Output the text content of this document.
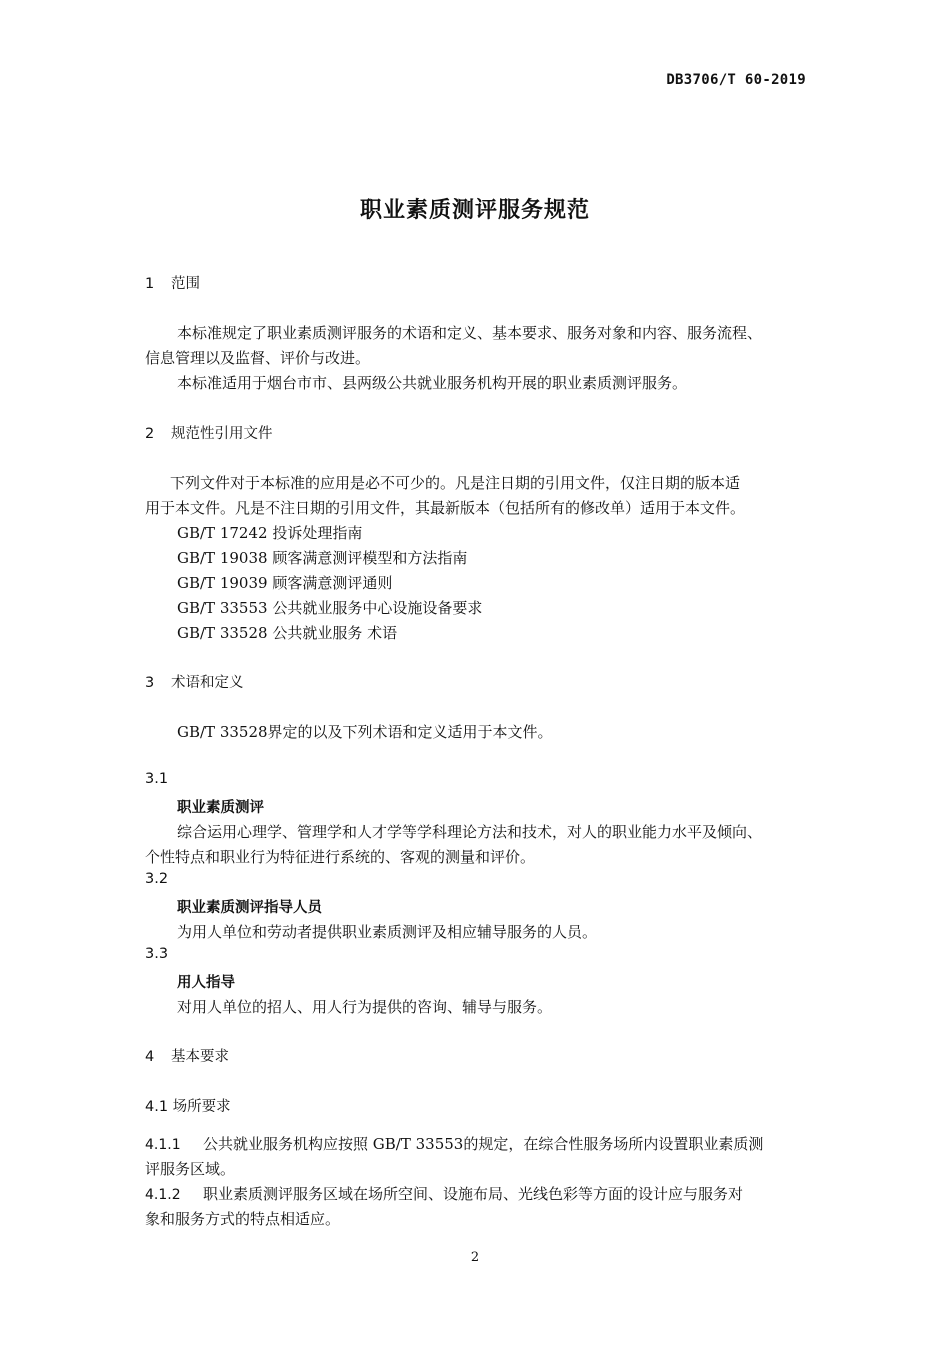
DB3706/T 60-2019
职业素质测评服务规范
1 范围
本标准规定了职业素质测评服务的术语和定义、基本要求、服务对象和内容、服务流程、
信息管理以及监督、评价与改进。
本标准适用于烟台市市、县两级公共就业服务机构开展的职业素质测评服务。
2 规范性引用文件
下列文件对于本标准的应用是必不可少的。凡是注日期的引用文件，仅注日期的版本适
用于本文件。凡是不注日期的引用文件，其最新版本（包括所有的修改单）适用于本文件。
GB/T 17242 投诉处理指南
GB/T 19038 顾客满意测评模型和方法指南
GB/T 19039 顾客满意测评通则
GB/T 33553 公共就业服务中心设施设备要求
GB/T 33528 公共就业服务 术语
3 术语和定义
GB/T 33528界定的以及下列术语和定义适用于本文件。
3.1
职业素质测评
综合运用心理学、管理学和人才学等学科理论方法和技术，对人的职业能力水平及倾向、
个性特点和职业行为特征进行系统的、客观的测量和评价。
3.2
职业素质测评指导人员
为用人单位和劳动者提供职业素质测评及相应辅导服务的人员。
3.3
用人指导
对用人单位的招人、用人行为提供的咨询、辅导与服务。
4 基本要求
4.1 场所要求
4.1.1 公共就业服务机构应按照 GB/T 33553的规定，在综合性服务场所内设置职业素质测
评服务区域。
4.1.2 职业素质测评服务区域在场所空间、设施布局、光线色彩等方面的设计应与服务对
象和服务方式的特点相适应。
2
